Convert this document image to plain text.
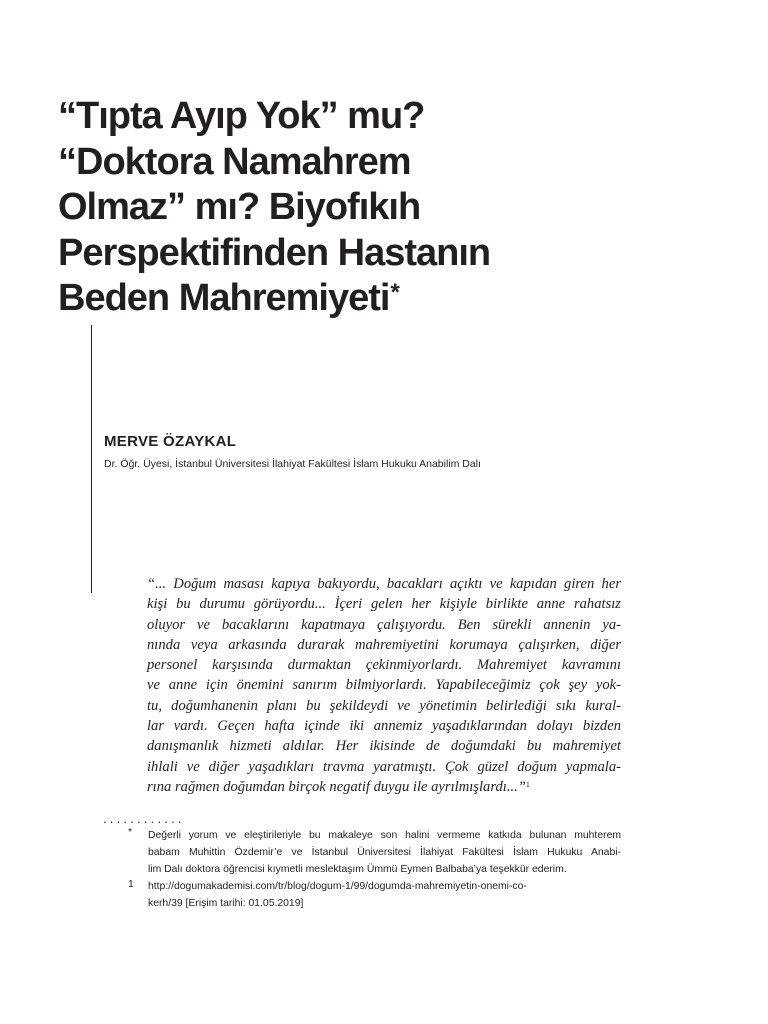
“Tıpta Ayıp Yok” mu?
“Doktora Namahrem
Olmaz” mı? Biyofıkıh
Perspektifinden Hastanın
Beden Mahremiyeti*
MERVE ÖZAYKAL
Dr. Öğr. Üyesi, İstanbul Üniversitesi İlahiyat Fakültesi İslam Hukuku Anabilim Dalı
“... Doğum masası kapıya bakıyordu, bacakları açıktı ve kapıdan giren her
kişi bu durumu görüyordu... İçeri gelen her kişiyle birlikte anne rahatsız
oluyor ve bacaklarını kapatmaya çalışıyordu. Ben sürekli annenin ya-
nında veya arkasında durarak mahremiyetini korumaya çalışırken, diğer
personel karşısında durmaktan çekinmiyorlardı. Mahremiyet kavramını
ve anne için önemini sanırım bilmiyorlardı. Yapabileceğimiz çok şey yok-
tu, doğumhanenin planı bu şekildeydi ve yönetimin belirlediği sıkı kural-
lar vardı. Geçen hafta içinde iki annemiz yaşadıklarından dolayı bizden
danışmanlık hizmeti aldılar. Her ikisinde de doğumdaki bu mahremiyet
ihlali ve diğer yaşadıkları travma yaratmıştı. Çok güzel doğum yapmala-
rına rağmen doğumdan birçok negatif duygu ile ayrılmışlardı...”$^1$
............
* Değerli yorum ve eleştirileriyle bu makaleye son halini vermeme katkıda bulunan muhterem
babam Muhittin Özdemir’e ve İstanbul Üniversitesi İlahiyat Fakültesi İslam Hukuku Anabi-
lim Dalı doktora öğrencisi kıymetli meslektaşım Ümmü Eymen Balbaba’ya teşekkür ederim.
1 http://dogumakademisi.com/tr/blog/dogum-1/99/dogumda-mahremiyetin-onemi-co-
kerh/39 [Erişim tarihi: 01.05.2019]
